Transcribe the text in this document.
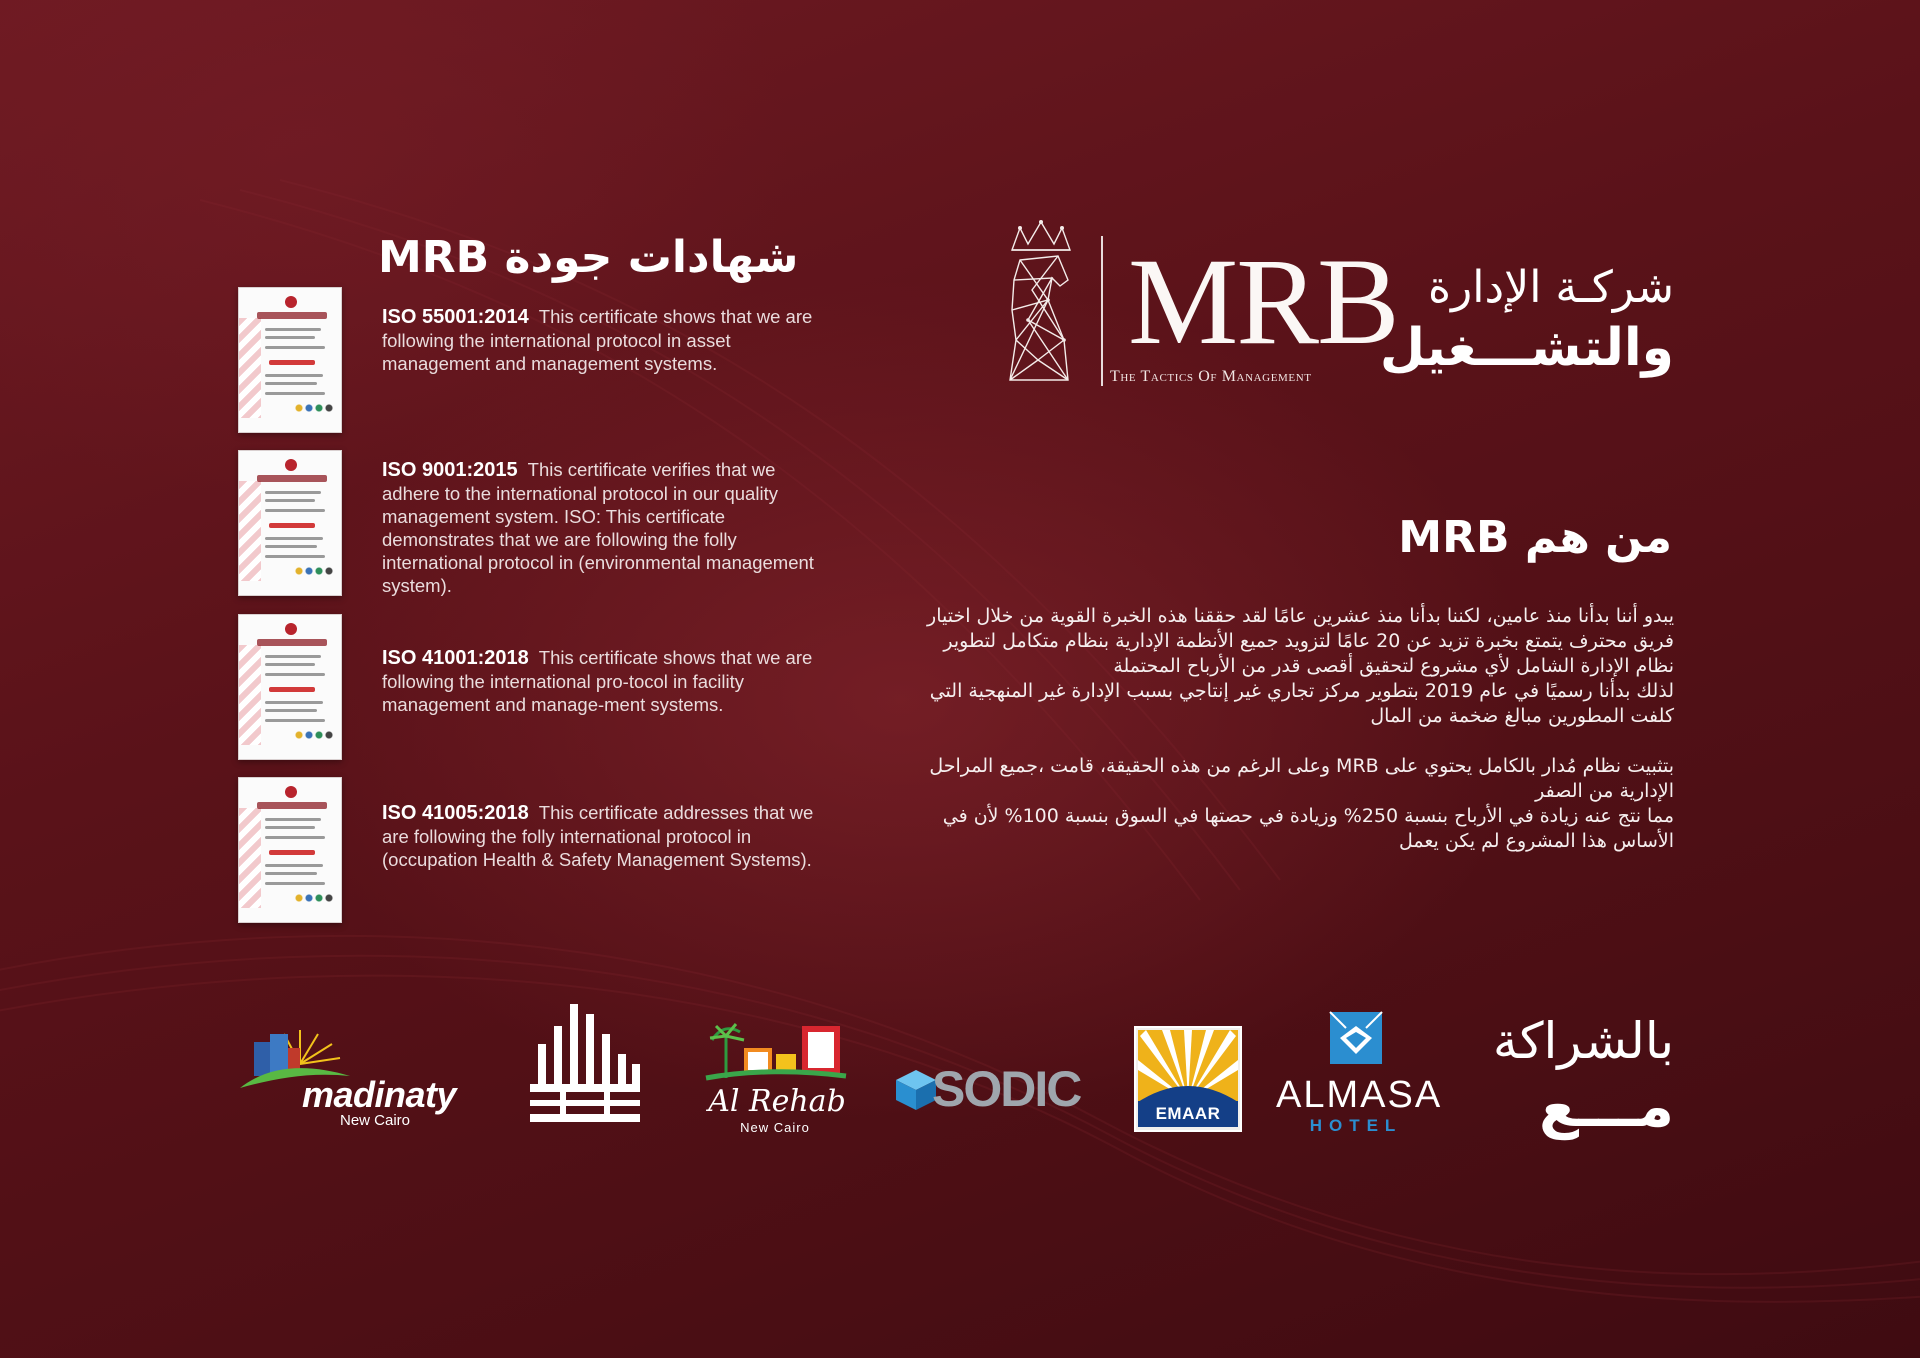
شهادات جودة MRB
ISO 55001:2014 This certificate shows that we are following the international protocol in asset management and management systems.
ISO 9001:2015 This certificate verifies that we adhere to the international protocol in our quality management system. ISO: This certificate demonstrates that we are following the folly international protocol in (environmental management system).
ISO 41001:2018 This certificate shows that we are following the international pro-tocol in facility management and manage-ment systems.
ISO 41005:2018 This certificate addresses that we are following the folly international protocol in (occupation Health & Safety Management Systems).
MRB
The Tactics Of Management
شركـة الإدارة
والتشـــغيل
من هم MRB

يبدو أننا بدأنا منذ عامين، لكننا بدأنا منذ عشرين عامًا لقد حققنا هذه الخبرة القوية من خلال اختيار فريق محترف يتمتع بخبرة تزيد عن 20 عامًا لتزويد جميع الأنظمة الإدارية بنظام متكامل لتطوير نظام الإدارة الشامل لأي مشروع لتحقيق أقصى قدر من الأرباح المحتملة

لذلك بدأنا رسميًا في عام 2019 بتطوير مركز تجاري غير إنتاجي بسبب الإدارة غير المنهجية التي كلفت المطورين مبالغ ضخمة من المال

بتثبيت نظام مُدار بالكامل يحتوي على MRB وعلى الرغم من هذه الحقيقة، قامت ،جميع المراحل الإدارية من الصفر

مما نتج عنه زيادة في الأرباح بنسبة 250% وزيادة في حصتها في السوق بنسبة 100% لأن في الأساس هذا المشروع لم يكن يعمل

بالشراكة
مـــع
madinaty
New Cairo
Al Rehab
New Cairo
SODIC	EMAAR	ALMASA
HOTEL
